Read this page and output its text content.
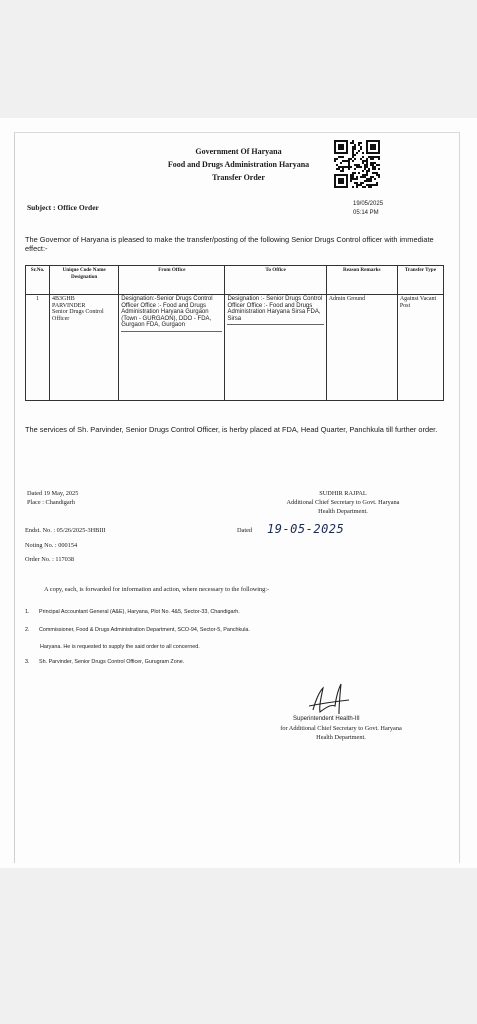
Government Of Haryana
Food and Drugs Administration Haryana
Transfer Order
Subject : Office Order	19/05/2025
05:14 PM
The Governor of Haryana is pleased to make the transfer/posting of the following Senior Drugs Control officer with immediate effect:-
Sr.No.	Unique Code Name Designation	From Office	To Office	Reason Remarks	Transfer Type
1	4B3GHB
PARVINDER
Senior Drugs Control Officer	Designation:-Senior Drugs Control Officer Office :- Food and Drugs Administration Haryana Gurgaon (Town - GURGAON), DDO - FDA, Gurgaon FDA, Gurgaon	Designation :- Senior Drugs Control Officer Office :- Food and Drugs Administration Haryana Sirsa FDA, Sirsa	Admin Ground	Against Vacant Post
The services of Sh. Parvinder, Senior Drugs Control Officer, is herby placed at FDA, Head Quarter, Panchkula till further order.
Dated 19 May, 2025
Place : Chandigarh
SUDHIR RAJPAL
Additional Chief Secretary to Govt. Haryana
Health Department.
Endst. No. : 05/26/2025-3HBIII
Noting No. : 000154
Order No. : 117038
Dated 19-05-2025
A copy, each, is forwarded for information and action, where necessary to the following:-
1. Principal Accountant General (A&E), Haryana, Plot No. 4&5, Sector-33, Chandigarh.
2. Commissioner, Food & Drugs Administration Department, SCO-94, Sector-5, Panchkula.
Haryana. He is requested to supply the said order to all concerned.
3. Sh. Parvinder, Senior Drugs Control Officer, Gurugram Zone.
Superintendent Health-III
for Additional Chief Secretary to Govt. Haryana
Health Department.
